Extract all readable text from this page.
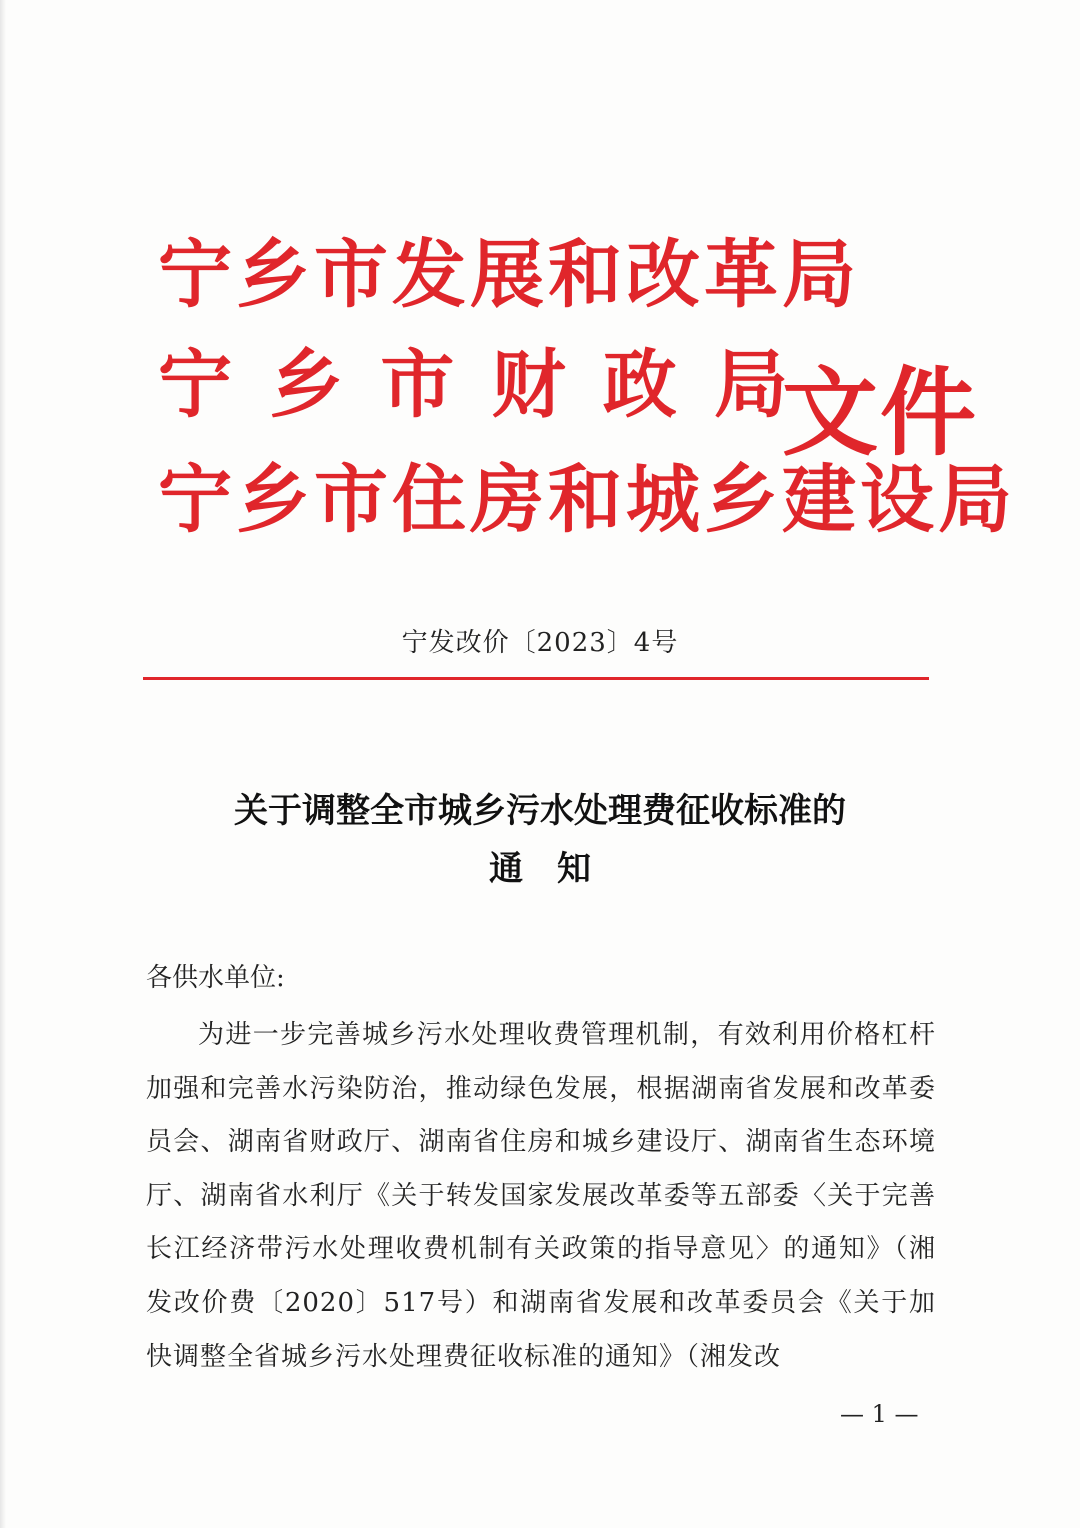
宁乡市发展和改革局
宁 乡 市 财 政 局
宁乡市住房和城乡建设局
文件
宁发改价〔2023〕4号
关于调整全市城乡污水处理费征收标准的
通知
各供水单位:
为进一步完善城乡污水处理收费管理机制，有效利用价格杠杆加强和完善水污染防治，推动绿色发展，根据湖南省发展和改革委员会、湖南省财政厅、湖南省住房和城乡建设厅、湖南省生态环境厅、湖南省水利厅《关于转发国家发展改革委等五部委〈关于完善长江经济带污水处理收费机制有关政策的指导意见〉的通知》（湘发改价费〔2020〕517号）和湖南省发展和改革委员会《关于加快调整全省城乡污水处理费征收标准的通知》（湘发改
— 1 —
